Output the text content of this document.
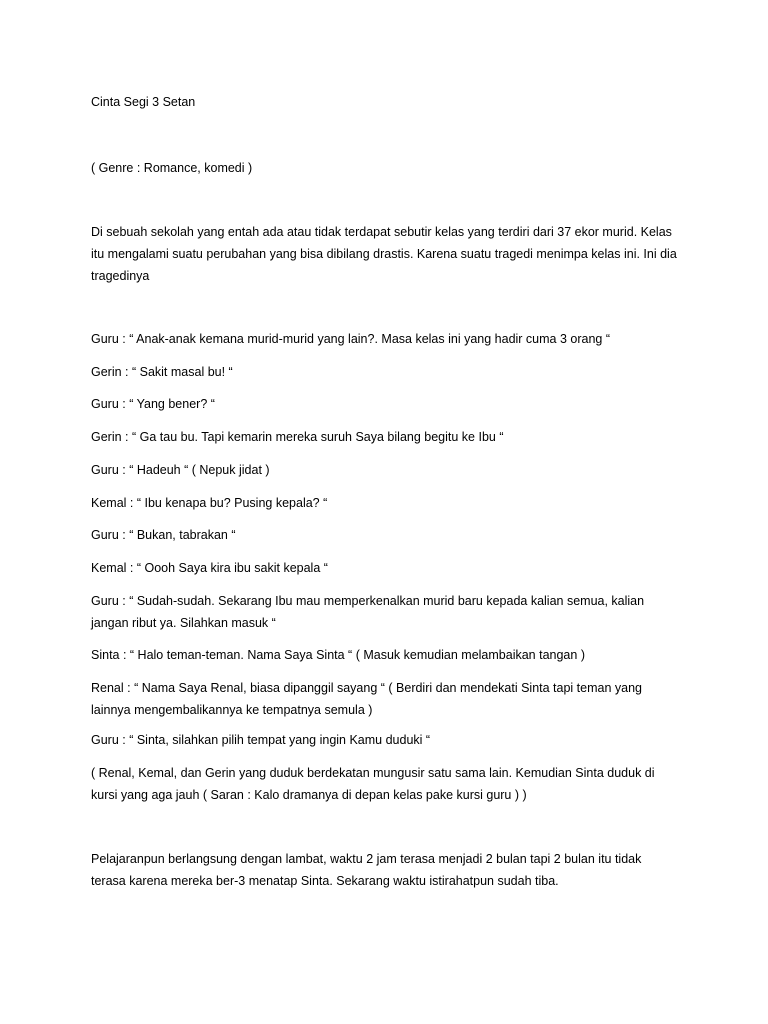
Cinta Segi 3 Setan
( Genre : Romance, komedi )
Di sebuah sekolah yang entah ada atau tidak terdapat sebutir kelas yang terdiri dari 37 ekor murid. Kelas itu mengalami suatu perubahan yang bisa dibilang drastis. Karena suatu tragedi menimpa kelas ini. Ini dia tragedinya
Guru : “ Anak-anak kemana murid-murid yang lain?. Masa kelas ini yang hadir cuma 3 orang “
Gerin : “ Sakit masal bu! “
Guru : “ Yang bener? “
Gerin : “ Ga tau bu. Tapi kemarin mereka suruh Saya bilang begitu ke Ibu “
Guru : “ Hadeuh “ ( Nepuk jidat )
Kemal : “ Ibu kenapa bu? Pusing kepala? “
Guru : “ Bukan, tabrakan “
Kemal : “ Oooh Saya kira ibu sakit kepala “
Guru : “ Sudah-sudah. Sekarang Ibu mau memperkenalkan murid baru kepada kalian semua, kalian jangan ribut ya. Silahkan masuk “
Sinta : “ Halo teman-teman. Nama Saya Sinta “ ( Masuk kemudian melambaikan tangan )
Renal : “ Nama Saya Renal, biasa dipanggil sayang “ ( Berdiri dan mendekati Sinta tapi teman yang lainnya mengembalikannya ke tempatnya semula )
Guru : “ Sinta, silahkan pilih tempat yang ingin Kamu duduki “
( Renal, Kemal, dan Gerin yang duduk berdekatan mungusir satu sama lain. Kemudian Sinta duduk di kursi yang aga jauh ( Saran : Kalo dramanya di depan kelas pake kursi guru ) )
Pelajaranpun berlangsung dengan lambat, waktu 2 jam terasa menjadi 2 bulan tapi 2 bulan itu tidak terasa karena mereka ber-3 menatap Sinta. Sekarang waktu istirahatpun sudah tiba.
